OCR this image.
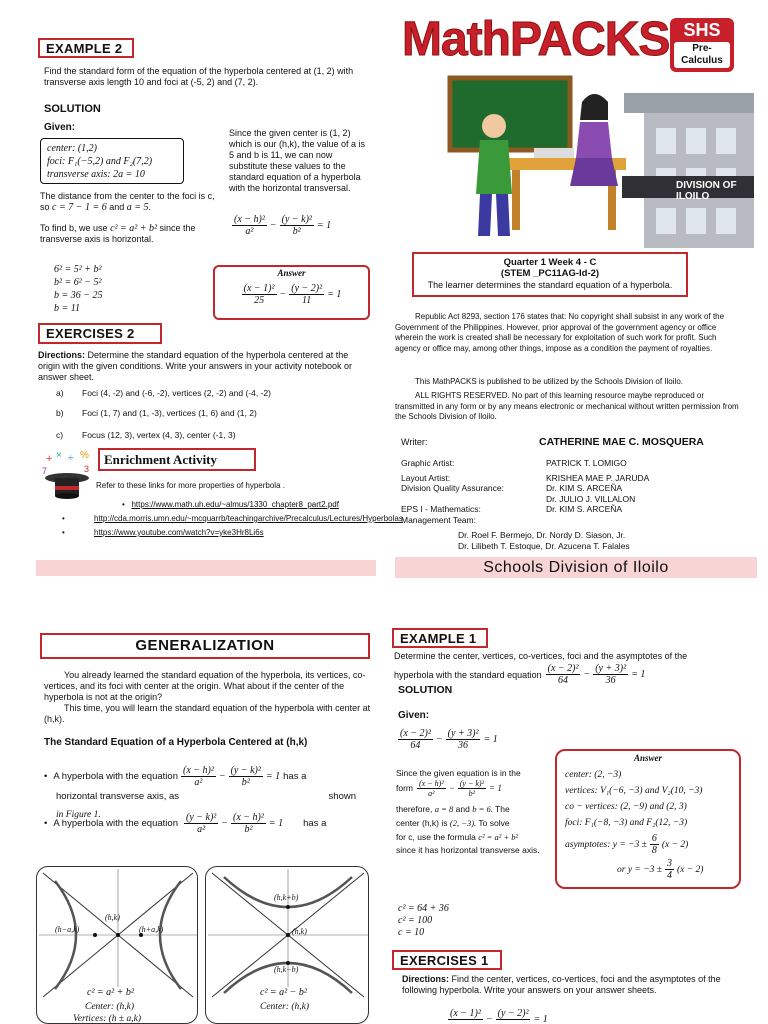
EXAMPLE 2
Find the standard form of the equation of the hyperbola centered at (1, 2) with transverse axis length 10 and foci at (-5, 2) and (7, 2).
SOLUTION
Given:
center: (1,2)
foci: F₁(−5,2) and F₂(7,2)
transverse axis: 2a = 10
Since the given center is (1, 2) which is our (h,k), the value of a is 5 and b is 11, we can now substitute these values to the standard equation of a hyperbola with the horizontal transversal.
The distance from the center to the foci is c, so c = 7 − 1 = 6 and a = 5.
To find b, we use c² = a² + b² since the transverse axis is horizontal.
$\frac{\text{(x − h)²}}{\text{a²}} - \frac{\text{(y − k)²}}{\text{b²}} = 1$
6² = 5² + b²
b² = 6² − 5²
b = 36 − 25
b = 11
Answer
$\frac{\text{(x − 1)²}}{25} - \frac{\text{(y − 2)²}}{11} = 1$
EXERCISES 2
Directions: Determine the standard equation of the hyperbola centered at the origin with the given conditions. Write your answers in your activity notebook or answer sheet.
a) Foci (4, -2) and (-6, -2), vertices (2, -2) and (-4, -2)
b) Foci (1, 7) and (1, -3), vertices (1, 6) and (1, 2)
c) Focus (12, 3), vertex (4, 3), center (-1, 3)
+ × ÷ %
7	3
Enrichment Activity
Refer to these links for more properties of hyperbola .
•   https://www.math.uh.edu/~almus/1330_chapter8_part2.pdf
•	http://cda.morris.umn.edu/~mcquarrb/teachingarchive/Precalculus/Lectures/Hyperbolas
•	https://www.youtube.com/watch?v=yke3Hr8Li6s
MathPACKS SHS
Pre-
Calculus
DIVISION OF ILOILO
Quarter 1 Week 4 - C
(STEM _PC11AG-Id-2)
The learner determines the standard equation of a hyperbola.
Republic Act 8293, section 176 states that: No copyright shall subsist in any work of the Government of the Philippines. However, prior approval of the government agency or office wherein the work is created shall be necessary for exploitation of such work for profit. Such agency or office may, among other things, impose as a condition the payment of royalties.
This MathPACKS is published to be utilized by the Schools Division of Iloilo.
ALL RIGHTS RESERVED. No part of this learning resource maybe reproduced or transmitted in any form or by any means electronic or mechanical without written permission from the Schools Division of Iloilo.
Writer:	CATHERINE MAE C. MOSQUERA
Graphic Artist:	PATRICK T. LOMIGO
Layout Artist:	KRISHEA MAE P. JARUDA
Division Quality Assurance:	Dr. KIM S. ARCEÑA
Dr. JULIO J. VILLALON
EPS I - Mathematics:	Dr. KIM S. ARCEÑA
Management Team:
Dr. Roel F. Bermejo, Dr. Nordy D. Siason, Jr.
Dr. Lilibeth T. Estoque, Dr. Azucena T. Falales
Schools Division of Iloilo
GENERALIZATION
You already learned the standard equation of the hyperbola, its vertices, co-vertices, and its foci with center at the origin. What about if the center of the hyperbola is not at the origin?
This time, you will learn the standard equation of the hyperbola with center at (h,k).
The Standard Equation of a Hyperbola Centered at (h,k)
• A hyperbola with the equation $\frac{\text{(x − h)²}}{\text{a²}} - \frac{\text{(y − k)²}}{\text{b²}} = 1$ has a
horizontal transverse axis, as	shown
in Figure 1.
• A hyperbola with the equation $\frac{\text{(y − k)²}}{\text{a²}} - \frac{\text{(x − h)²}}{\text{b²}} = 1$ has a
(h,k)
(h−a,k)	(h+a,k)
c² = a² + b²
Center: (h,k)
Vertices: (h ± a,k)
(h,k+b)
(h,k)
(h,k−b)
c² = a² − b²
Center: (h,k)
EXAMPLE 1
Determine the center, vertices, co-vertices, foci and the asymptotes of the
hyperbola with the standard equation $\frac{\text{(x − 2)²}}{64} - \frac{\text{(y + 3)²}}{36} = 1$
SOLUTION
Given:
$\frac{\text{(x − 2)²}}{64} - \frac{\text{(y + 3)²}}{36} = 1$
Since the given equation is in the
form $\frac{\text{(x − h)²}}{\text{a²}} - \frac{\text{(y − k)²}}{\text{b²}} = 1$
therefore, a = 8 and b = 6. The
center (h,k) is (2, −3). To solve
for c, use the formula c² = a² + b²
since it has horizontal transverse axis.
c² = 64 + 36
c² = 100
c = 10
Answer
center: (2, −3)
vertices: V₁(−6, −3) and V₂(10, −3)
co − vertices: (2, −9) and (2, 3)
foci: F₁(−8, −3) and F₂(12, −3)
asymptotes: $y = -3 \pm \frac{6}{8} (x - 2)$
or $y = -3 \pm \frac{3}{4} (x - 2)$
EXERCISES 1
Directions: Find the center, vertices, co-vertices, foci and the asymptotes of the following hyperbola. Write your answers on your answer sheets.
(x − 1)²

−
(y − 2)²

= 1
